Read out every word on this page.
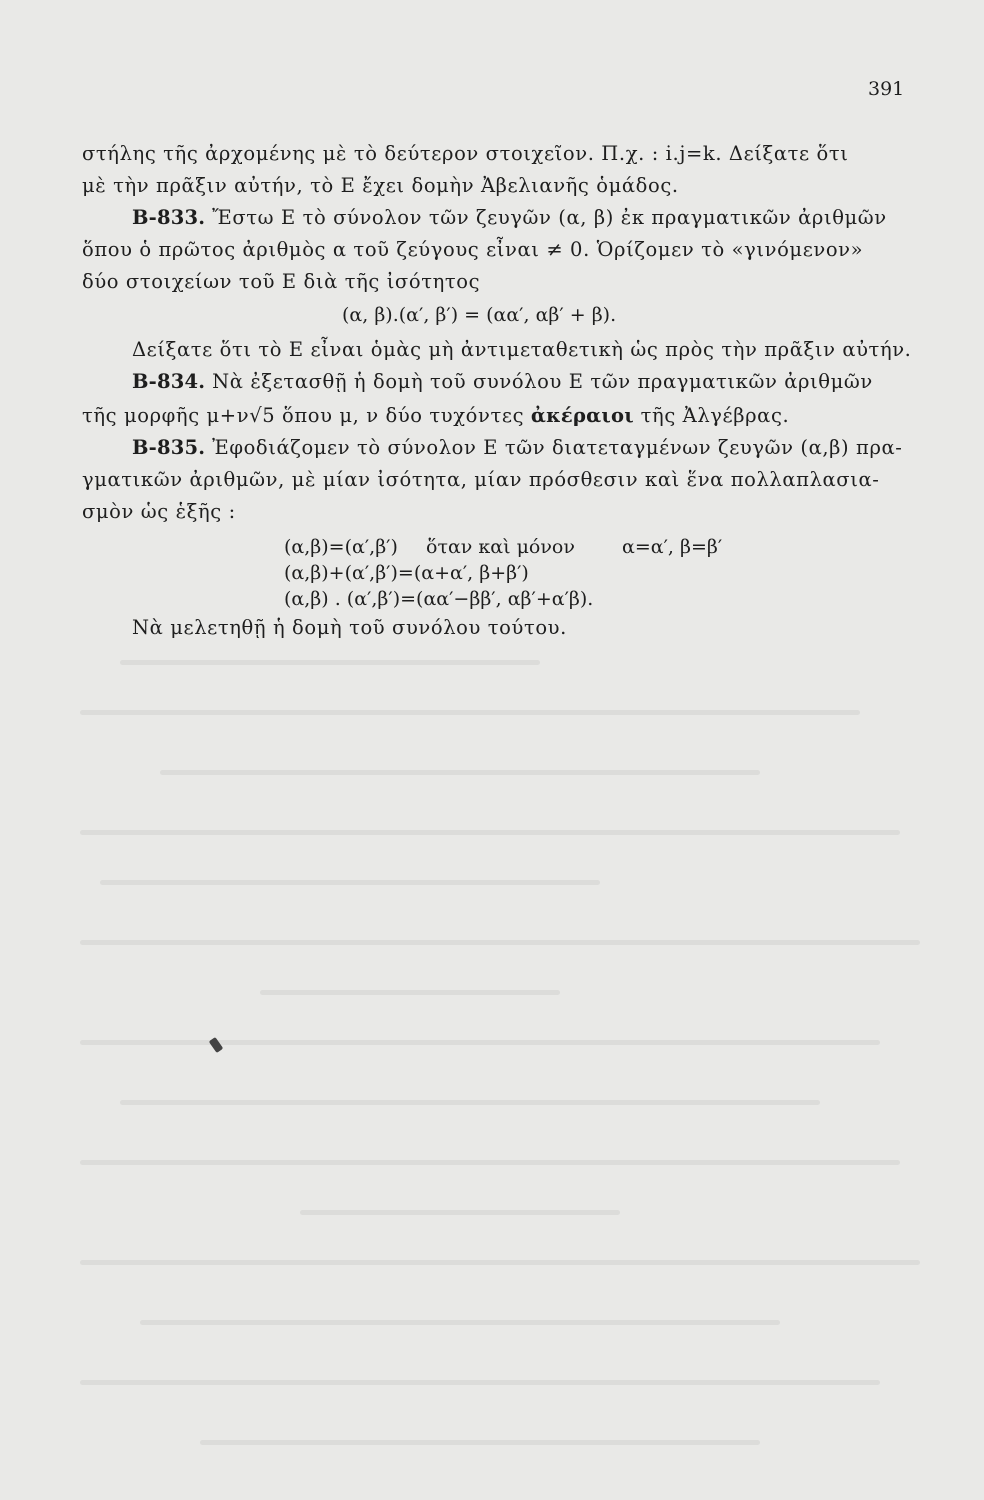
391
στήλης τῆς ἀρχομένης μὲ τὸ δεύτερον στοιχεῖον. Π.χ. : i.j=k. Δείξατε ὅτι
μὲ τὴν πρᾶξιν αὐτήν, τὸ Ε ἔχει δομὴν Ἀβελιανῆς ὁμάδος.
Β-833. Ἔστω Ε τὸ σύνολον τῶν ζευγῶν (α, β) ἐκ πραγματικῶν ἀριθμῶν
ὅπου ὁ πρῶτος ἀριθμὸς α τοῦ ζεύγους εἶναι ≠ 0. Ὁρίζομεν τὸ «γινόμενον»
δύο στοιχείων τοῦ Ε διὰ τῆς ἰσότητος
(α, β).(α′, β′) = (αα′, αβ′ + β).
Δείξατε ὅτι τὸ Ε εἶναι ὁμὰς μὴ ἀντιμεταθετικὴ ὡς πρὸς τὴν πρᾶξιν αὐτήν.
Β-834. Νὰ ἐξετασθῇ ἡ δομὴ τοῦ συνόλου Ε τῶν πραγματικῶν ἀριθμῶν
τῆς μορφῆς μ+ν√5 ὅπου μ, ν δύο τυχόντες ἀκέραιοι τῆς Ἀλγέβρας.
Β-835. Ἐφοδιάζομεν τὸ σύνολον Ε τῶν διατεταγμένων ζευγῶν (α,β) πρα-
γματικῶν ἀριθμῶν, μὲ μίαν ἰσότητα, μίαν πρόσθεσιν καὶ ἕνα πολλαπλασια-
σμὸν ὡς ἑξῆς :
(α,β)=(α′,β′) ὅταν καὶ μόνον α=α′, β=β′
(α,β)+(α′,β′)=(α+α′, β+β′)
(α,β) . (α′,β′)=(αα′−ββ′, αβ′+α′β).
Νὰ μελετηθῇ ἡ δομὴ τοῦ συνόλου τούτου.
